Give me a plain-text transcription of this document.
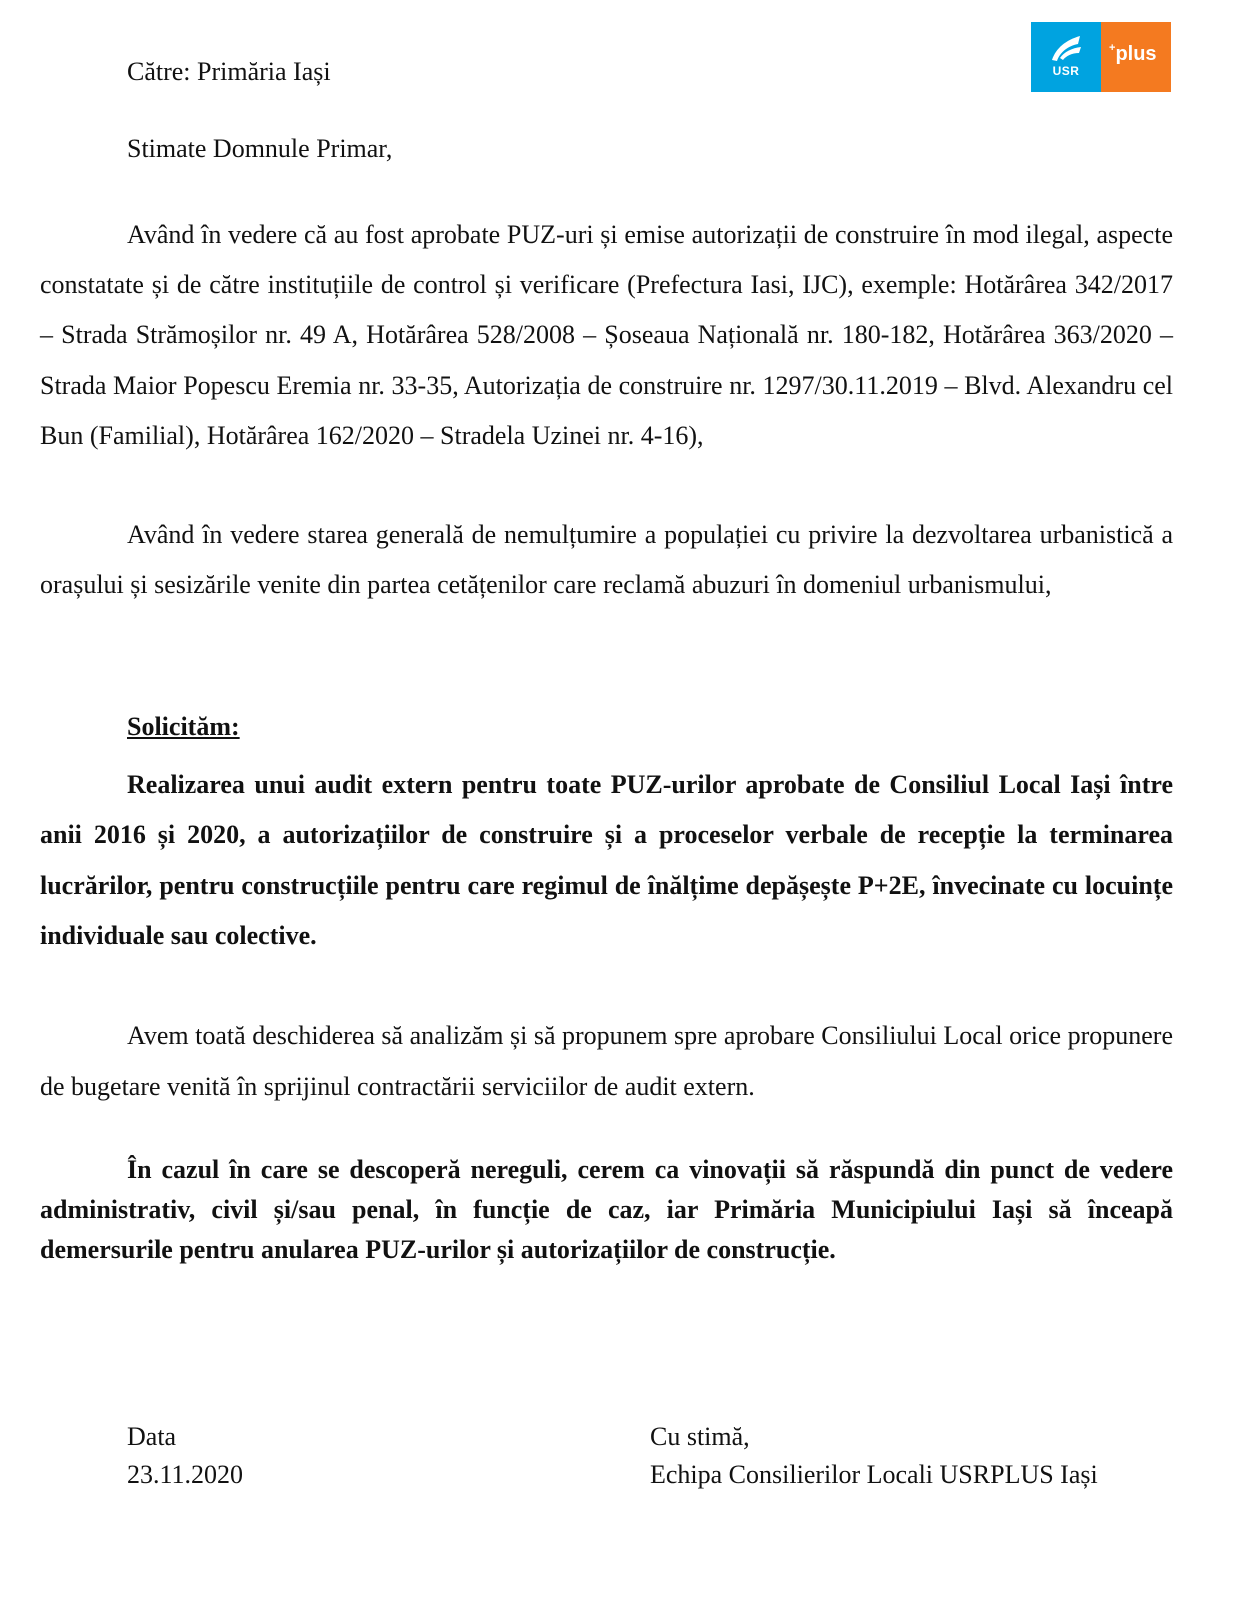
USR
+plus
Către: Primăria Iași
Stimate Domnule Primar,
Având în vedere că au fost aprobate PUZ-uri și emise autorizații de construire în mod ilegal, aspecte constatate și de către instituțiile de control și verificare (Prefectura Iasi, IJC), exemple: Hotărârea 342/2017 – Strada Strămoșilor nr. 49 A, Hotărârea 528/2008 – Șoseaua Națională nr. 180-182, Hotărârea 363/2020 – Strada Maior Popescu Eremia nr. 33-35, Autorizația de construire nr. 1297/30.11.2019 – Blvd. Alexandru cel Bun (Familial), Hotărârea 162/2020 – Stradela Uzinei nr. 4-16),
Având în vedere starea generală de nemulțumire a populației cu privire la dezvoltarea urbanistică a orașului și sesizările venite din partea cetățenilor care reclamă abuzuri în domeniul urbanismului,
Solicităm:
Realizarea unui audit extern pentru toate PUZ-urilor aprobate de Consiliul Local Iași între anii 2016 și 2020, a autorizațiilor de construire și a proceselor verbale de recepție la terminarea lucrărilor, pentru construcțiile pentru care regimul de înălțime depășește P+2E, învecinate cu locuințe individuale sau colective.
Avem toată deschiderea să analizăm și să propunem spre aprobare Consiliului Local orice propunere de bugetare venită în sprijinul contractării serviciilor de audit extern.
În cazul în care se descoperă nereguli, cerem ca vinovații să răspundă din punct de vedere administrativ, civil și/sau penal, în funcție de caz, iar Primăria Municipiului Iași să înceapă demersurile pentru anularea PUZ-urilor și autorizațiilor de construcție.
Data
23.11.2020
Cu stimă,
Echipa Consilierilor Locali USRPLUS Iași
